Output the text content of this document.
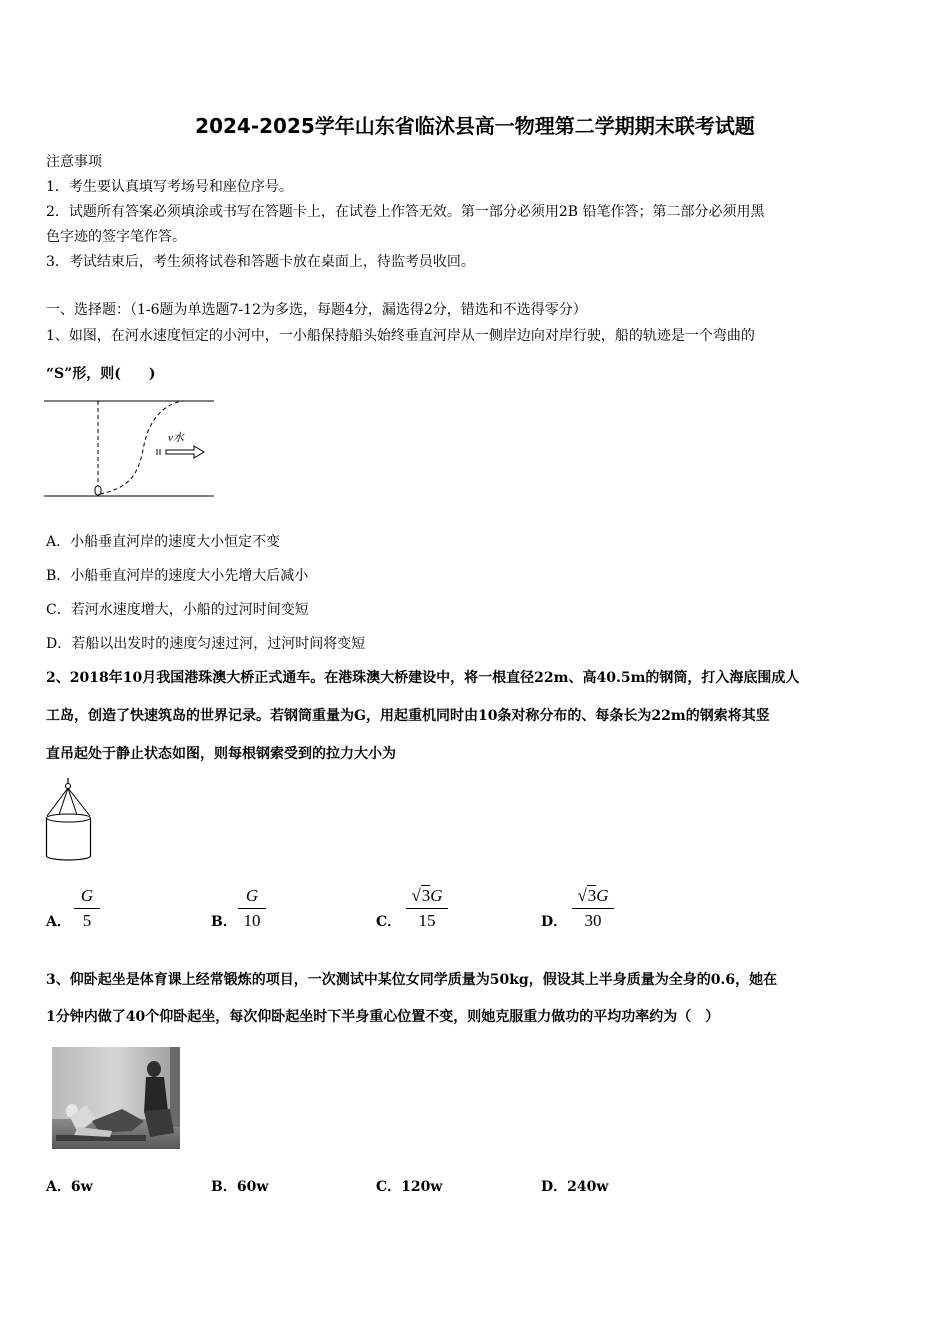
2024-2025学年山东省临沭县高一物理第二学期期末联考试题
注意事项
1．考生要认真填写考场号和座位序号。
2．试题所有答案必须填涂或书写在答题卡上，在试卷上作答无效。第一部分必须用2B 铅笔作答；第二部分必须用黑
色字迹的签字笔作答。
3．考试结束后，考生须将试卷和答题卡放在桌面上，待监考员收回。
一、选择题：（1-6题为单选题7-12为多选，每题4分，漏选得2分，错选和不选得零分）
1、如图，在河水速度恒定的小河中，一小船保持船头始终垂直河岸从一侧岸边向对岸行驶，船的轨迹是一个弯曲的
“S”形，则(　　)
v水
A．小船垂直河岸的速度大小恒定不变
B．小船垂直河岸的速度大小先增大后减小
C．若河水速度增大，小船的过河时间变短
D．若船以出发时的速度匀速过河，过河时间将变短
2、2018年10月我国港珠澳大桥正式通车。在港珠澳大桥建设中，将一根直径22m、高40.5m的钢筒，打入海底围成人
工岛，创造了快速筑岛的世界记录。若钢筒重量为G，用起重机同时由10条对称分布的、每条长为22m的钢索将其竖
直吊起处于静止状态如图，则每根钢索受到的拉力大小为
A．
G
5	B．
G
10	C．
√3G
15	D．
√3G
30
3、仰卧起坐是体育课上经常锻炼的项目，一次测试中某位女同学质量为50kg，假设其上半身质量为全身的0.6，她在
1分钟内做了40个仰卧起坐，每次仰卧起坐时下半身重心位置不变，则她克服重力做功的平均功率约为（　）
A．6w	B．60w	C．120w	D．240w
